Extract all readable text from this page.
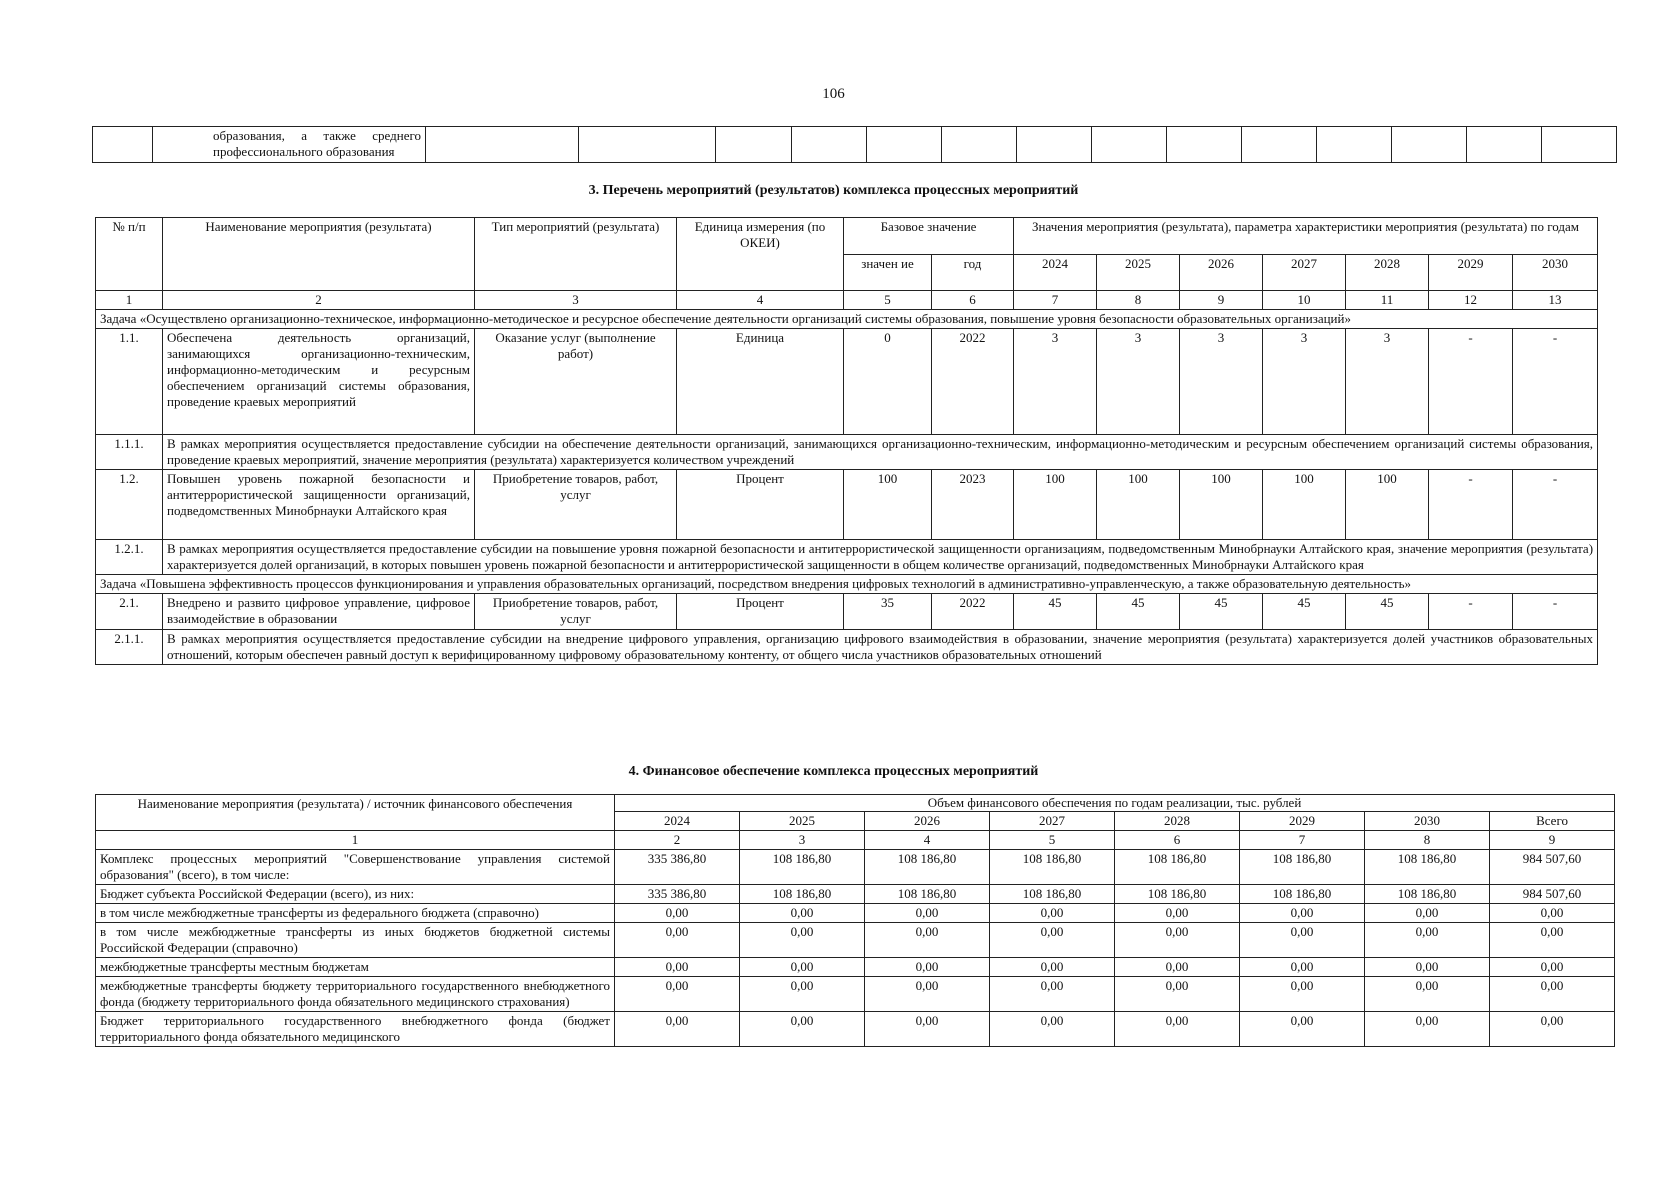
106
	образования, а также среднего профессионального образования														
3. Перечень мероприятий (результатов) комплекса процессных мероприятий
№ п/п	Наименование мероприятия (результата)	Тип мероприятий (результата)	Единица измерения (по ОКЕИ)	Базовое значение		Значения мероприятия (результата), параметра характеристики мероприятия (результата) по годам						
				значен ие	год	2024	2025	2026	2027	2028	2029	2030
1	2	3	4	5	6	7	8	9	10	11	12	13
Задача «Осуществлено организационно-техническое, информационно-методическое и ресурсное обеспечение деятельности организаций системы образования, повышение уровня безопасности образовательных организаций»												
1.1.	Обеспечена деятельность организаций, занимающихся организационно-техническим, информационно-методическим и ресурсным обеспечением организаций системы образования, проведение краевых мероприятий	Оказание услуг (выполнение работ)	Единица	0	2022	3	3	3	3	3	-	-
1.1.1.	В рамках мероприятия осуществляется предоставление субсидии на обеспечение деятельности организаций, занимающихся организационно-техническим, информационно-методическим и ресурсным обеспечением организаций системы образования, проведение краевых мероприятий, значение мероприятия (результата) характеризуется количеством учреждений											
1.2.	Повышен уровень пожарной безопасности и антитеррористической защищенности организаций, подведомственных Минобрнауки Алтайского края	Приобретение товаров, работ, услуг	Процент	100	2023	100	100	100	100	100	-	-
1.2.1.	В рамках мероприятия осуществляется предоставление субсидии на повышение уровня пожарной безопасности и антитеррористической защищенности организациям, подведомственным Минобрнауки Алтайского края, значение мероприятия (результата) характеризуется долей организаций, в которых повышен уровень пожарной безопасности и антитеррористической защищенности в общем количестве организаций, подведомственных Минобрнауки Алтайского края											
Задача «Повышена эффективность процессов функционирования и управления образовательных организаций, посредством внедрения цифровых технологий в административно-управленческую, а также образовательную деятельность»												
2.1.	Внедрено и развито цифровое управление, цифровое взаимодействие в образовании	Приобретение товаров, работ, услуг	Процент	35	2022	45	45	45	45	45	-	-
2.1.1.	В рамках мероприятия осуществляется предоставление субсидии на внедрение цифрового управления, организацию цифрового взаимодействия в образовании, значение мероприятия (результата) характеризуется долей участников образовательных отношений, которым обеспечен равный доступ к верифицированному цифровому образовательному контенту, от общего числа участников образовательных отношений											
4. Финансовое обеспечение комплекса процессных мероприятий
Наименование мероприятия (результата) / источник финансового обеспечения	Объем финансового обеспечения по годам реализации, тыс. рублей							
	2024	2025	2026	2027	2028	2029	2030	Всего
1	2	3	4	5	6	7	8	9
Комплекс процессных мероприятий "Совершенствование управления системой образования" (всего), в том числе:	335 386,80	108 186,80	108 186,80	108 186,80	108 186,80	108 186,80	108 186,80	984 507,60
Бюджет субъекта Российской Федерации (всего), из них:	335 386,80	108 186,80	108 186,80	108 186,80	108 186,80	108 186,80	108 186,80	984 507,60
в том числе межбюджетные трансферты из федерального бюджета (справочно)	0,00	0,00	0,00	0,00	0,00	0,00	0,00	0,00
в том числе межбюджетные трансферты из иных бюджетов бюджетной системы Российской Федерации (справочно)	0,00	0,00	0,00	0,00	0,00	0,00	0,00	0,00
межбюджетные трансферты местным бюджетам	0,00	0,00	0,00	0,00	0,00	0,00	0,00	0,00
межбюджетные трансферты бюджету территориального государственного внебюджетного фонда (бюджету территориального фонда обязательного медицинского страхования)	0,00	0,00	0,00	0,00	0,00	0,00	0,00	0,00
Бюджет территориального государственного внебюджетного фонда (бюджет территориального фонда обязательного медицинского	0,00	0,00	0,00	0,00	0,00	0,00	0,00	0,00
